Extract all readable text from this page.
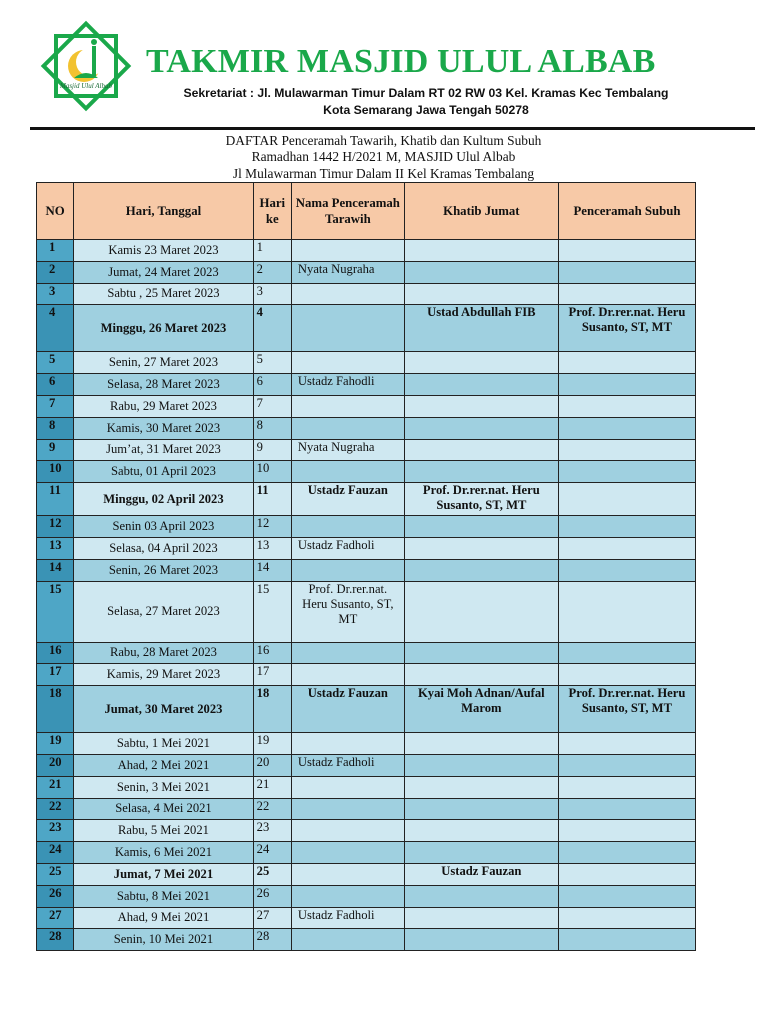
Masjid Ulul Albab
TAKMIR MASJID ULUL ALBAB
Sekretariat : Jl. Mulawarman Timur Dalam RT 02 RW 03 Kel. Kramas Kec Tembalang
Kota Semarang Jawa Tengah 50278
DAFTAR Penceramah Tawarih, Khatib dan Kultum Subuh
Ramadhan 1442 H/2021 M, MASJID Ulul Albab
Jl Mulawarman Timur Dalam II Kel Kramas Tembalang
NO	Hari, Tanggal	Hari ke	Nama Penceramah Tarawih	Khatib Jumat	Penceramah Subuh
1	Kamis 23 Maret 2023	1			
2	Jumat, 24 Maret 2023	2	Nyata Nugraha		
3	Sabtu , 25 Maret 2023	3			
4	Minggu, 26 Maret 2023	4		Ustad Abdullah FIB	Prof. Dr.rer.nat. Heru Susanto, ST, MT
5	Senin, 27 Maret 2023	5			
6	Selasa, 28 Maret 2023	6	Ustadz Fahodli		
7	Rabu, 29 Maret 2023	7			
8	Kamis, 30 Maret 2023	8			
9	Jum’at, 31 Maret 2023	9	Nyata Nugraha		
10	Sabtu, 01 April 2023	10			
11	Minggu, 02 April 2023	11	Ustadz Fauzan	Prof. Dr.rer.nat. Heru Susanto, ST, MT	
12	Senin 03 April 2023	12			
13	Selasa, 04 April 2023	13	Ustadz Fadholi		
14	Senin, 26 Maret 2023	14			
15	Selasa, 27 Maret 2023	15	Prof. Dr.rer.nat. Heru Susanto, ST, MT		
16	Rabu, 28 Maret 2023	16			
17	Kamis, 29 Maret 2023	17			
18	Jumat, 30 Maret 2023	18	Ustadz Fauzan	Kyai Moh Adnan/Aufal Marom	Prof. Dr.rer.nat. Heru Susanto, ST, MT
19	Sabtu, 1 Mei 2021	19			
20	Ahad, 2 Mei 2021	20	Ustadz Fadholi		
21	Senin, 3 Mei 2021	21			
22	Selasa, 4 Mei 2021	22			
23	Rabu, 5 Mei 2021	23			
24	Kamis, 6 Mei 2021	24			
25	Jumat, 7 Mei 2021	25		Ustadz Fauzan	
26	Sabtu, 8 Mei 2021	26			
27	Ahad, 9 Mei 2021	27	Ustadz Fadholi		
28	Senin, 10 Mei 2021	28			
